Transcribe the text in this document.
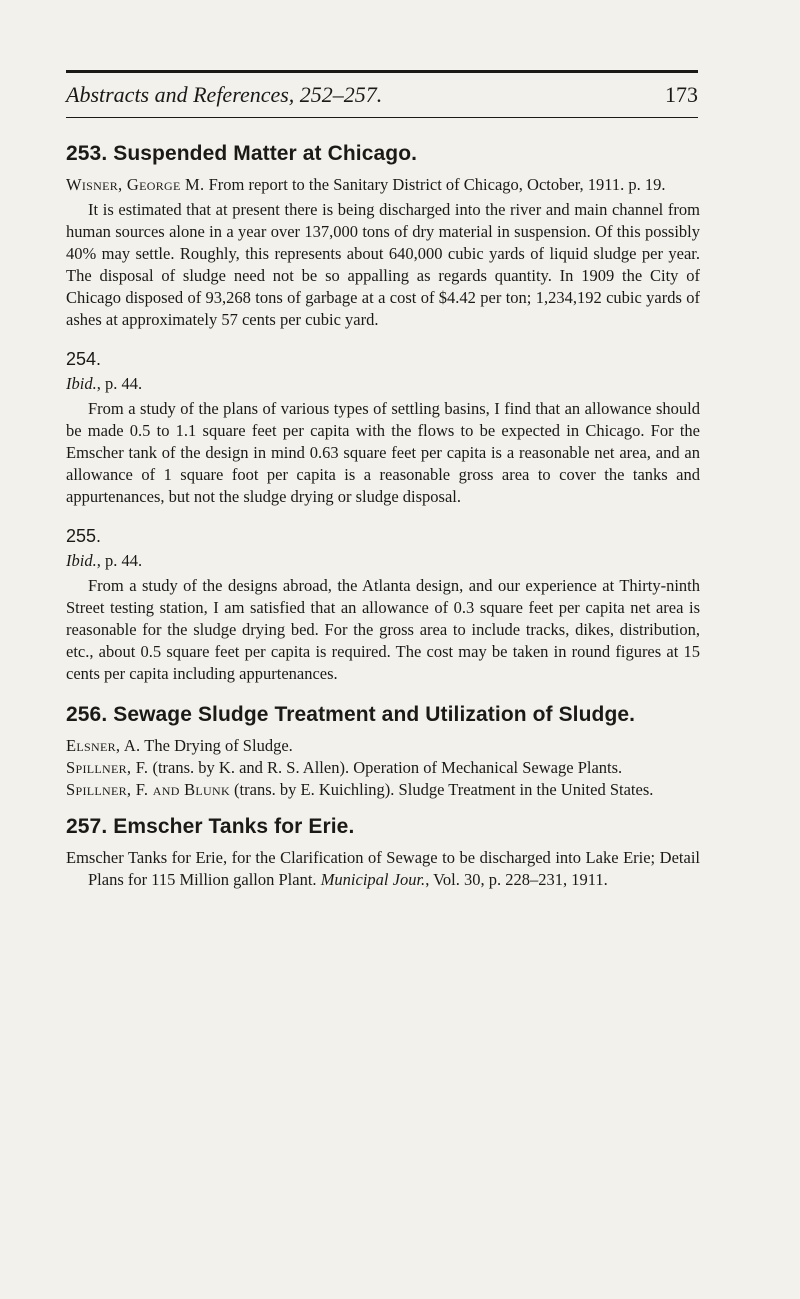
Abstracts and References, 252–257.	173
253. Suspended Matter at Chicago.

Wisner, George M. From report to the Sanitary District of Chicago, October, 1911. p. 19.

It is estimated that at present there is being discharged into the river and main channel from human sources alone in a year over 137,000 tons of dry material in suspension. Of this possibly 40% may settle. Roughly, this represents about 640,000 cubic yards of liquid sludge per year. The disposal of sludge need not be so appalling as regards quantity. In 1909 the City of Chicago disposed of 93,268 tons of garbage at a cost of $4.42 per ton; 1,234,192 cubic yards of ashes at approximately 57 cents per cubic yard.

254.

Ibid., p. 44.

From a study of the plans of various types of settling basins, I find that an allowance should be made 0.5 to 1.1 square feet per capita with the flows to be expected in Chicago. For the Emscher tank of the design in mind 0.63 square feet per capita is a reasonable net area, and an allowance of 1 square foot per capita is a reasonable gross area to cover the tanks and appurtenances, but not the sludge drying or sludge disposal.

255.

Ibid., p. 44.

From a study of the designs abroad, the Atlanta design, and our experience at Thirty-ninth Street testing station, I am satisfied that an allowance of 0.3 square feet per capita net area is reasonable for the sludge drying bed. For the gross area to include tracks, dikes, distribution, etc., about 0.5 square feet per capita is required. The cost may be taken in round figures at 15 cents per capita including appurtenances.

256. Sewage Sludge Treatment and Utilization of Sludge.

Elsner, A. The Drying of Sludge.

Spillner, F. (trans. by K. and R. S. Allen). Operation of Mechanical Sewage Plants.

Spillner, F. and Blunk (trans. by E. Kuichling). Sludge Treatment in the United States.

257. Emscher Tanks for Erie.

Emscher Tanks for Erie, for the Clarification of Sewage to be discharged into Lake Erie; Detail Plans for 115 Million gallon Plant. Municipal Jour., Vol. 30, p. 228–231, 1911.
